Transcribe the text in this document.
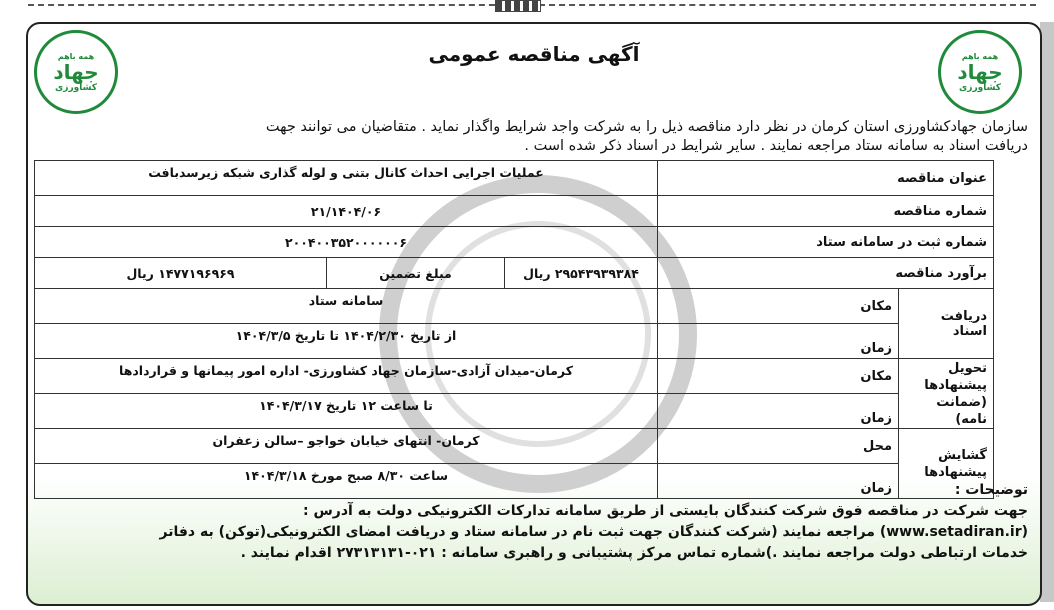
همه باهم
جهاد
کشاورزی
همه باهم
جهاد
کشاورزی
آگهی مناقصه عمومی
سازمان جهادکشاورزی استان کرمان در نظر دارد مناقصه ذیل را به شرکت واجد شرایط واگذار نماید . متقاضیان می توانند جهت
دریافت اسناد به سامانه ستاد مراجعه نمایند . سایر شرایط در اسناد ذکر شده است .
عنوان مناقصه		عملیات اجرایی احداث کانال بتنی و لوله گذاری شبکه زیرسدبافت		
شماره مناقصه		۲۱/۱۴۰۴/۰۶		
شماره ثبت در سامانه ستاد		۲۰۰۴۰۰۳۵۲۰۰۰۰۰۰۶		
برآورد مناقصه		۲۹۵۴۳۹۳۹۳۸۴ ریال	مبلغ تضمین	۱۴۷۷۱۹۶۹۶۹ ریال
دریافت اسناد	مکان	سامانه ستاد		
	زمان	از تاریخ ۱۴۰۴/۲/۳۰ تا تاریخ ۱۴۰۴/۳/۵		
تحویل پیشنهادها (ضمانت نامه)	مکان	کرمان-میدان آزادی-سازمان جهاد کشاورزی- اداره امور پیمانها و قراردادها		
	زمان	تا ساعت ۱۲ تاریخ ۱۴۰۴/۳/۱۷		
گشایش پیشنهادها	محل	کرمان- انتهای خیابان خواجو –سالن زعفران		
	زمان	ساعت ۸/۳۰ صبح مورخ ۱۴۰۴/۳/۱۸		

توضیحات :

جهت شرکت در مناقصه فوق شرکت کنندگان بایستی از طریق سامانه تدارکات الکترونیکی دولت به آدرس :

(www.setadiran.ir) مراجعه نمایند (شرکت کنندگان جهت ثبت نام در سامانه ستاد و دریافت امضای الکترونیکی(توکن) به دفاتر

خدمات ارتباطی دولت مراجعه نمایند .)شماره تماس مرکز پشتیبانی و راهبری سامانه : ۰۲۱-۲۷۳۱۳۱۳۱ اقدام نمایند .
